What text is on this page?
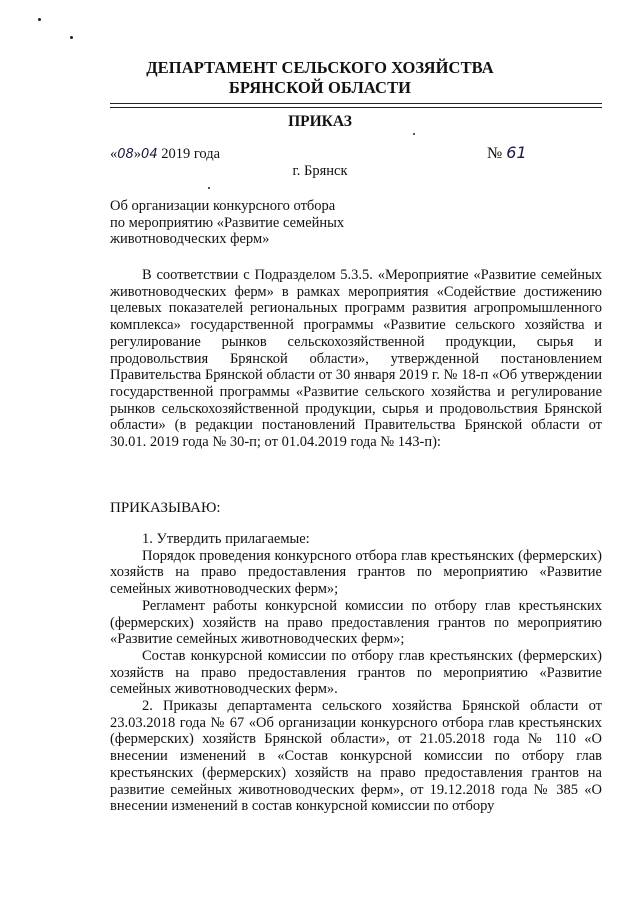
ДЕПАРТАМЕНТ СЕЛЬСКОГО ХОЗЯЙСТВА
БРЯНСКОЙ ОБЛАСТИ
ПРИКАЗ
«08»04 2019 года	№ 61
г. Брянск
Об организации конкурсного отбора
по мероприятию «Развитие семейных
животноводческих ферм»

В соответствии с Подразделом 5.3.5. «Мероприятие «Развитие семейных животноводческих ферм» в рамках мероприятия «Содействие достижению целевых показателей региональных программ развития агропромышленного комплекса» государственной программы «Развитие сельского хозяйства и регулирование рынков сельскохозяйственной продукции, сырья и продовольствия Брянской области», утвержденной постановлением Правительства Брянской области от 30 января 2019 г. № 18-п «Об утверждении государственной программы «Развитие сельского хозяйства и регулирование рынков сельскохозяйственной продукции, сырья и продовольствия Брянской области» (в редакции постановлений Правительства Брянской области от 30.01. 2019 года № 30-п; от 01.04.2019 года № 143-п):

ПРИКАЗЫВАЮ:

1. Утвердить прилагаемые:

Порядок проведения конкурсного отбора глав крестьянских (фермерских) хозяйств на право предоставления грантов по мероприятию «Развитие семейных животноводческих ферм»;

Регламент работы конкурсной комиссии по отбору глав крестьянских (фермерских) хозяйств на право предоставления грантов по мероприятию «Развитие семейных животноводческих ферм»;

Состав конкурсной комиссии по отбору глав крестьянских (фермерских) хозяйств на право предоставления грантов по мероприятию «Развитие семейных животноводческих ферм».

2. Приказы департамента сельского хозяйства Брянской области от 23.03.2018 года № 67 «Об организации конкурсного отбора глав крестьянских (фермерских) хозяйств Брянской области», от 21.05.2018 года № 110 «О внесении изменений в «Состав конкурсной комиссии по отбору глав крестьянских (фермерских) хозяйств на право предоставления грантов на развитие семейных животноводческих ферм», от 19.12.2018 года № 385 «О внесении изменений в состав конкурсной комиссии по отбору
